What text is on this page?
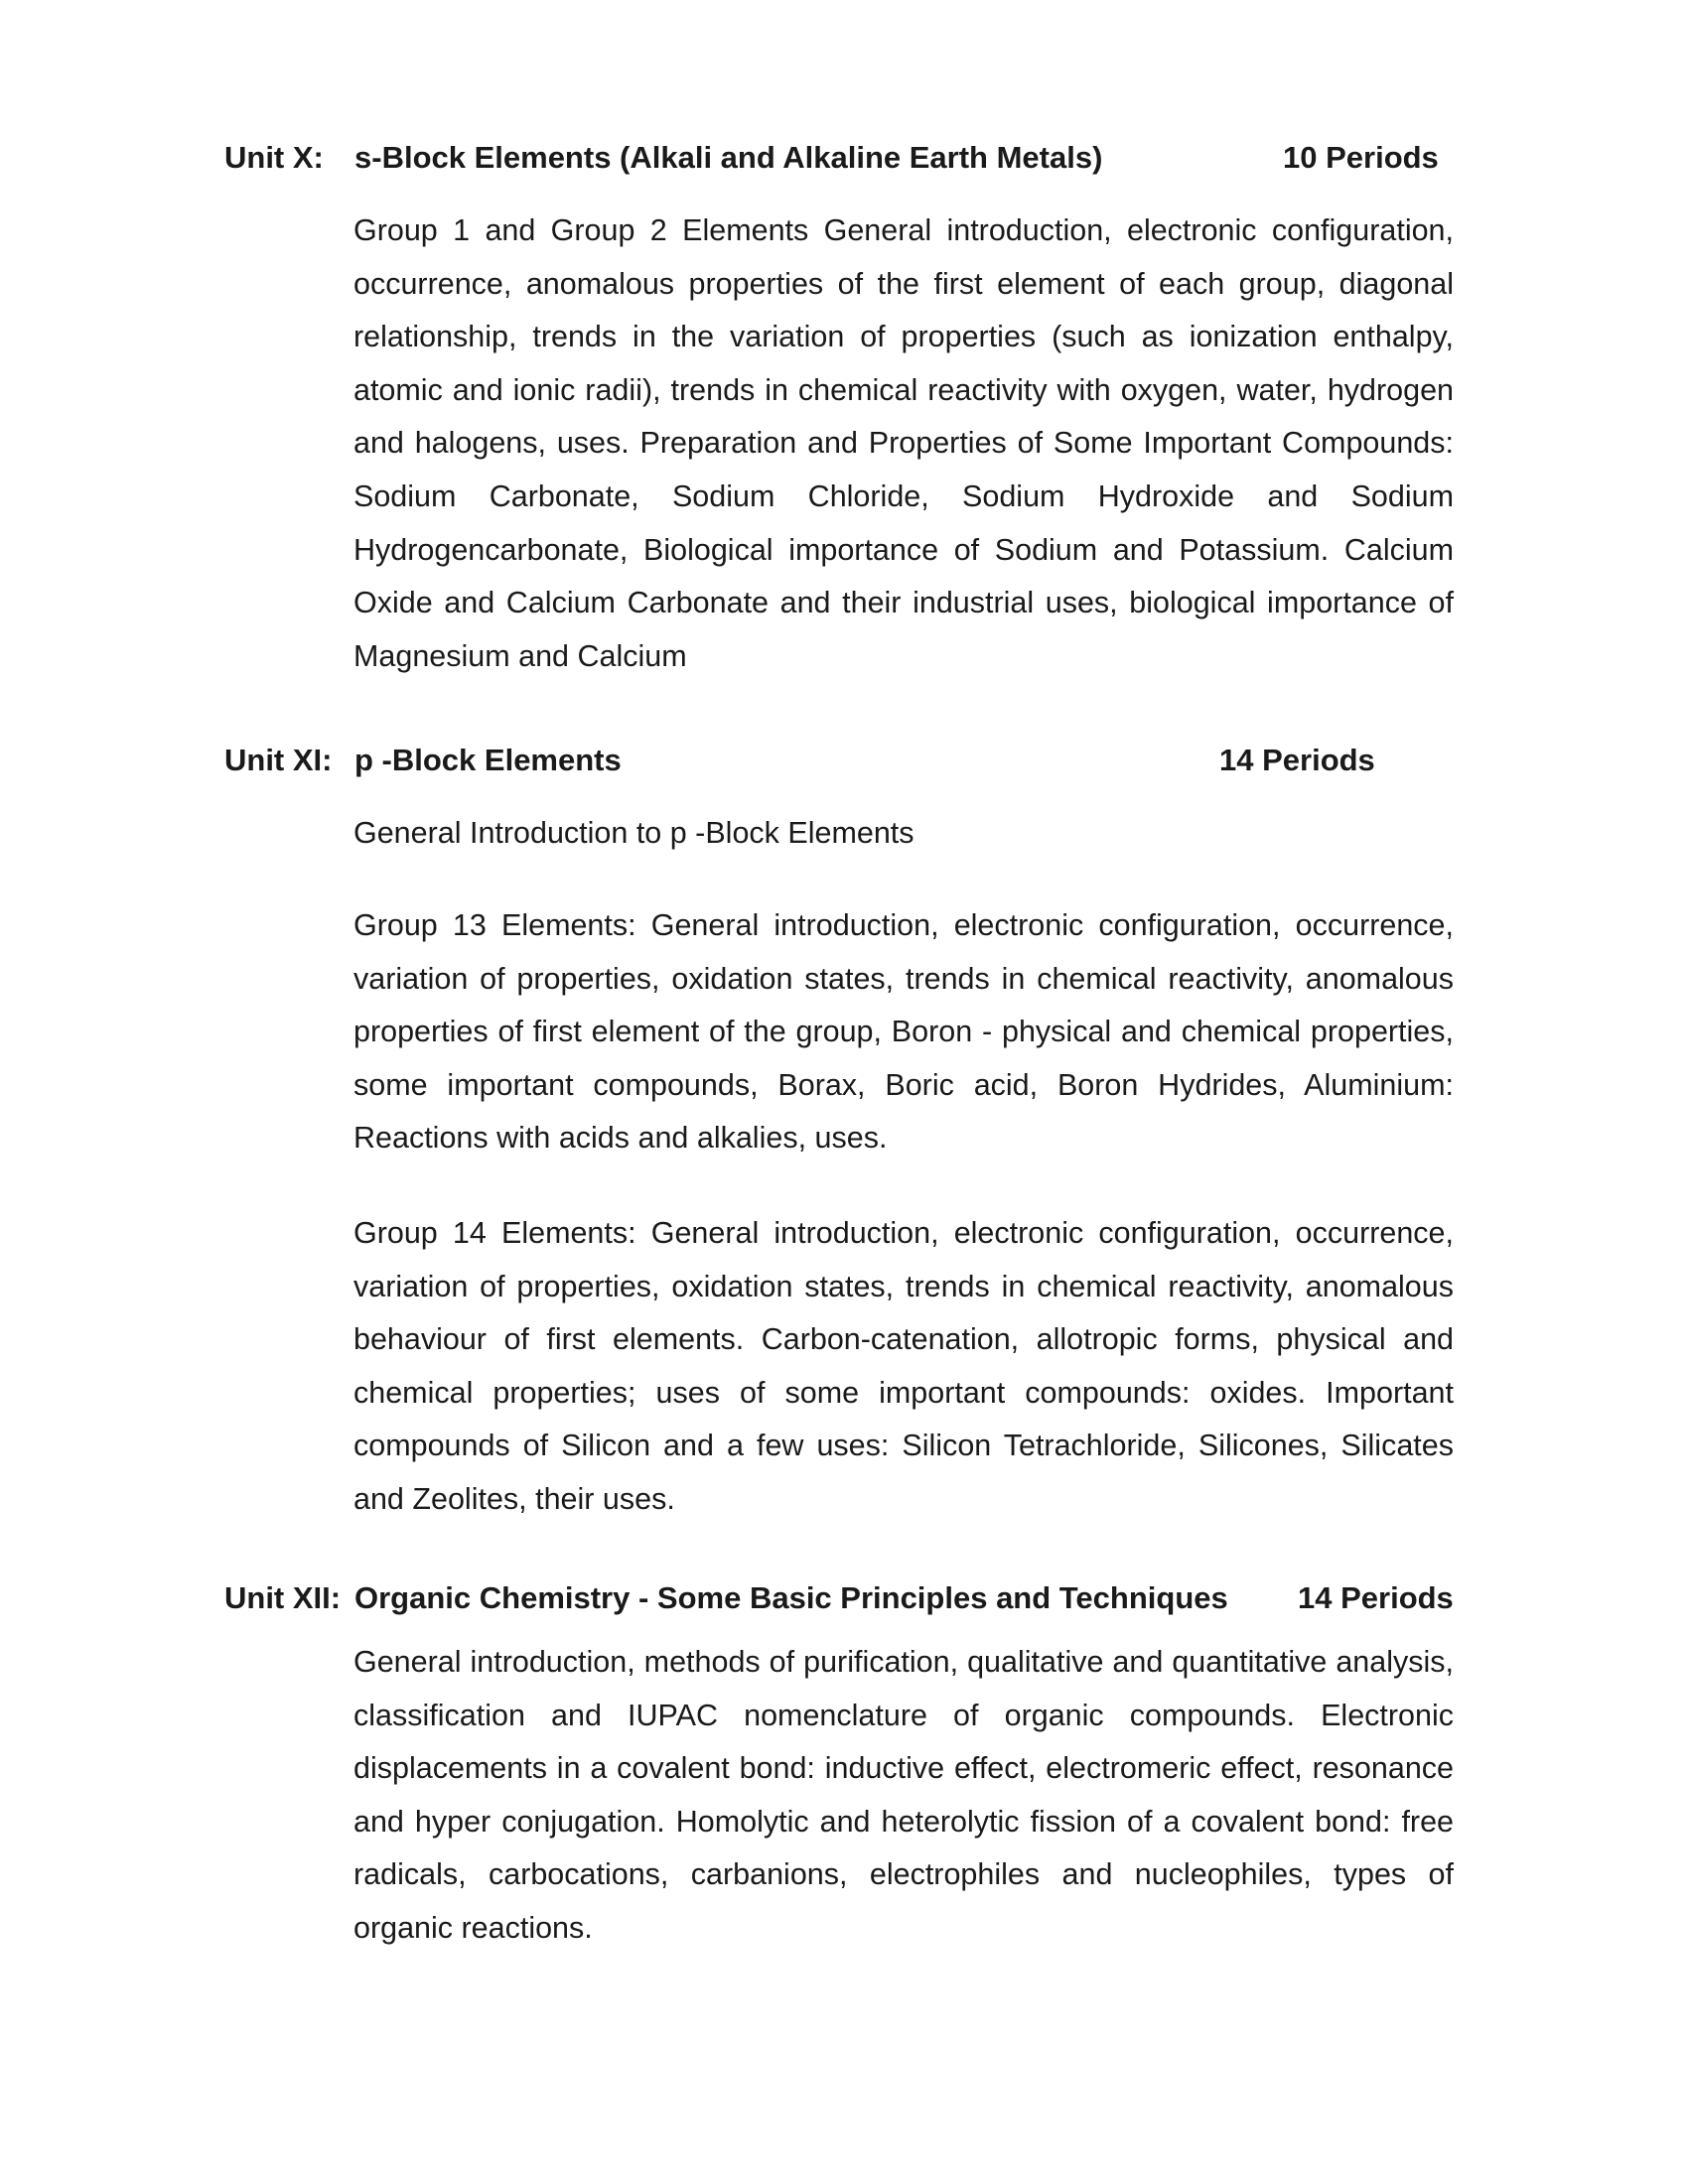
Unit X: s-Block Elements (Alkali and Alkaline Earth Metals)	10 Periods

Group 1 and Group 2 Elements General introduction, electronic configuration, occurrence, anomalous properties of the first element of each group, diagonal relationship, trends in the variation of properties (such as ionization enthalpy, atomic and ionic radii), trends in chemical reactivity with oxygen, water, hydrogen and halogens, uses. Preparation and Properties of Some Important Compounds: Sodium Carbonate, Sodium Chloride, Sodium Hydroxide and Sodium Hydrogencarbonate, Biological importance of Sodium and Potassium. Calcium Oxide and Calcium Carbonate and their industrial uses, biological importance of Magnesium and Calcium

Unit XI: p -Block Elements	14 Periods

General Introduction to p -Block Elements

Group 13 Elements: General introduction, electronic configuration, occurrence, variation of properties, oxidation states, trends in chemical reactivity, anomalous properties of first element of the group, Boron - physical and chemical properties, some important compounds, Borax, Boric acid, Boron Hydrides, Aluminium: Reactions with acids and alkalies, uses.

Group 14 Elements: General introduction, electronic configuration, occurrence, variation of properties, oxidation states, trends in chemical reactivity, anomalous behaviour of first elements. Carbon-catenation, allotropic forms, physical and chemical properties; uses of some important compounds: oxides. Important compounds of Silicon and a few uses: Silicon Tetrachloride, Silicones, Silicates and Zeolites, their uses.

Unit XII: Organic Chemistry - Some Basic Principles and Techniques 14 Periods

General introduction, methods of purification, qualitative and quantitative analysis, classification and IUPAC nomenclature of organic compounds. Electronic displacements in a covalent bond: inductive effect, electromeric effect, resonance and hyper conjugation. Homolytic and heterolytic fission of a covalent bond: free radicals, carbocations, carbanions, electrophiles and nucleophiles, types of organic reactions.
